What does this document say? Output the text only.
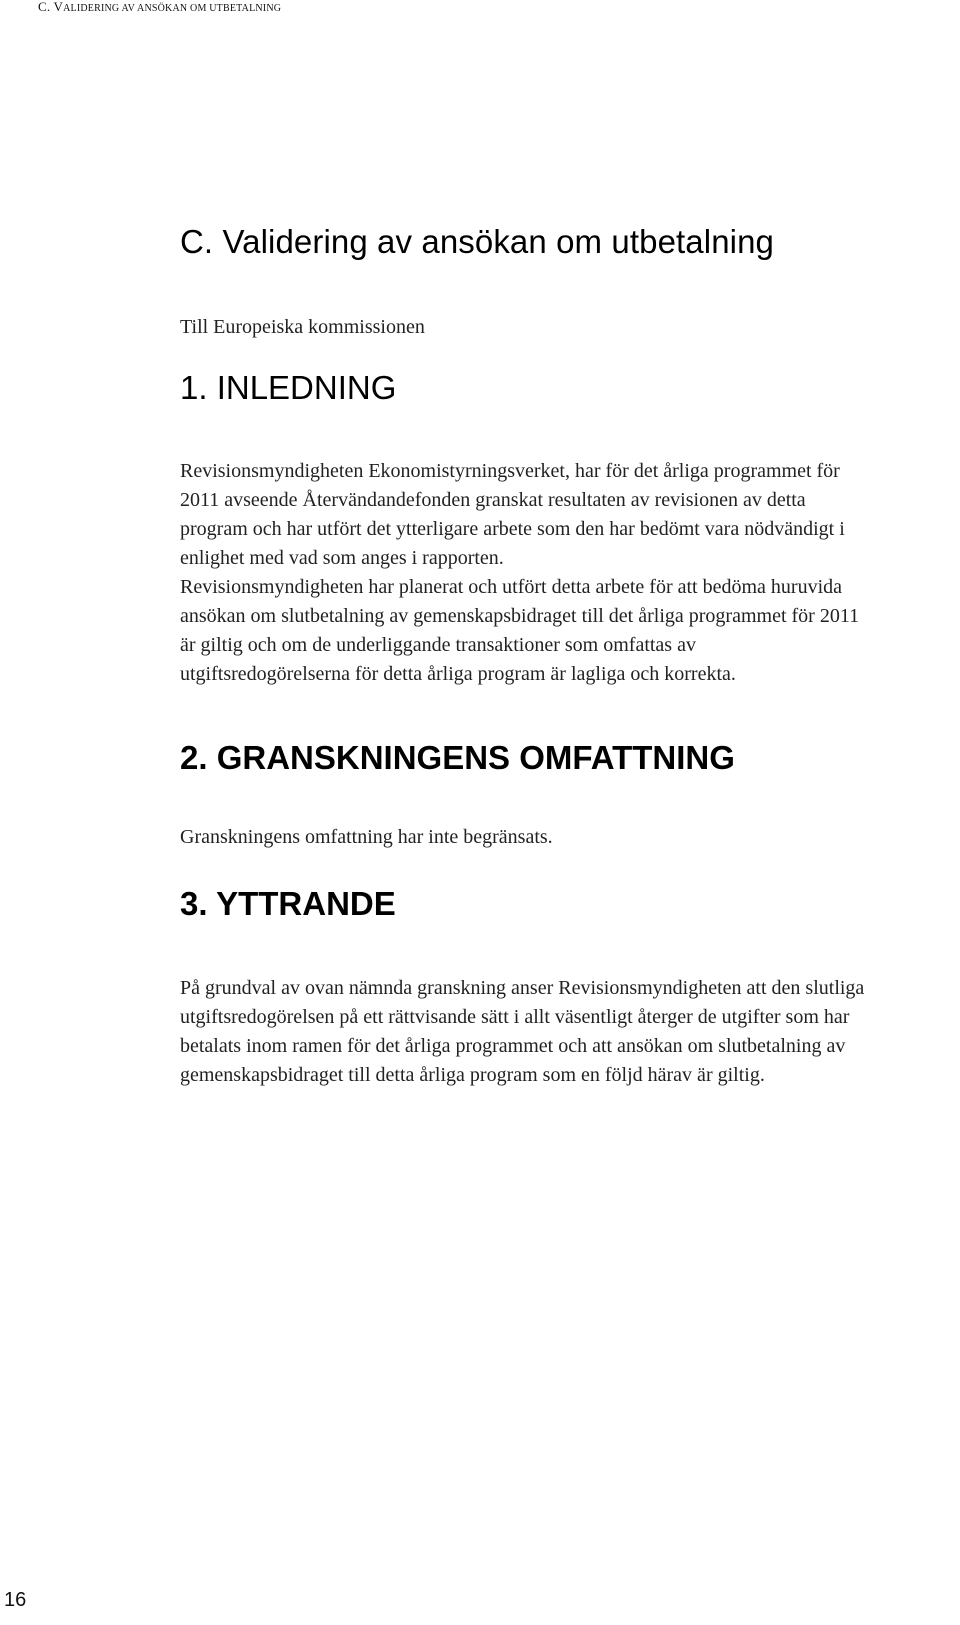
C. VALIDERING AV ANSÖKAN OM UTBETALNING
C. Validering av ansökan om utbetalning
Till Europeiska kommissionen
1. INLEDNING
Revisionsmyndigheten Ekonomistyrningsverket, har för det årliga programmet för
2011 avseende Återvändandefonden granskat resultaten av revisionen av detta
program och har utfört det ytterligare arbete som den har bedömt vara nödvändigt i
enlighet med vad som anges i rapporten.
Revisionsmyndigheten har planerat och utfört detta arbete för att bedöma huruvida
ansökan om slutbetalning av gemenskapsbidraget till det årliga programmet för 2011
är giltig och om de underliggande transaktioner som omfattas av
utgiftsredogörelserna för detta årliga program är lagliga och korrekta.
2. GRANSKNINGENS OMFATTNING
Granskningens omfattning har inte begränsats.
3. YTTRANDE
På grundval av ovan nämnda granskning anser Revisionsmyndigheten att den slutliga
utgiftsredogörelsen på ett rättvisande sätt i allt väsentligt återger de utgifter som har
betalats inom ramen för det årliga programmet och att ansökan om slutbetalning av
gemenskapsbidraget till detta årliga program som en följd härav är giltig.
16
